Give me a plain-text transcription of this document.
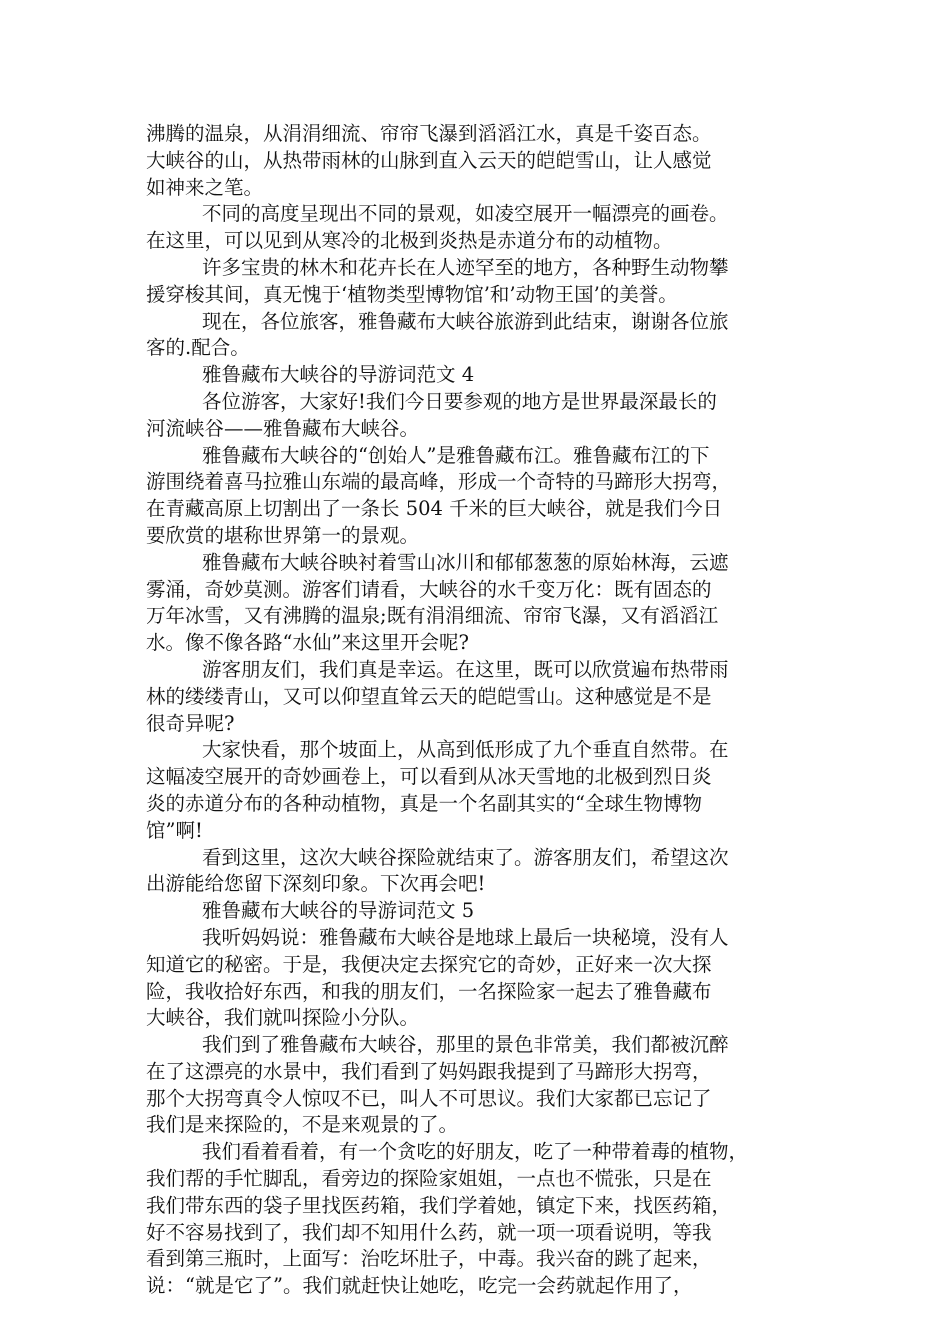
沸腾的温泉，从涓涓细流、帘帘飞瀑到滔滔江水，真是千姿百态。
大峡谷的山，从热带雨林的山脉到直入云天的皑皑雪山，让人感觉
如神来之笔。
不同的高度呈现出不同的景观，如凌空展开一幅漂亮的画卷。
在这里，可以见到从寒冷的北极到炎热是赤道分布的动植物。
许多宝贵的林木和花卉长在人迹罕至的地方，各种野生动物攀
援穿梭其间，真无愧于‘植物类型博物馆’和’动物王国’的美誉。
现在，各位旅客，雅鲁藏布大峡谷旅游到此结束，谢谢各位旅
客的.配合。
雅鲁藏布大峡谷的导游词范文 4
各位游客，大家好!我们今日要参观的地方是世界最深最长的
河流峡谷——雅鲁藏布大峡谷。
雅鲁藏布大峡谷的“创始人”是雅鲁藏布江。雅鲁藏布江的下
游围绕着喜马拉雅山东端的最高峰，形成一个奇特的马蹄形大拐弯，
在青藏高原上切割出了一条长 504 千米的巨大峡谷，就是我们今日
要欣赏的堪称世界第一的景观。
雅鲁藏布大峡谷映衬着雪山冰川和郁郁葱葱的原始林海，云遮
雾涌，奇妙莫测。游客们请看，大峡谷的水千变万化：既有固态的
万年冰雪，又有沸腾的温泉;既有涓涓细流、帘帘飞瀑，又有滔滔江
水。像不像各路“水仙”来这里开会呢?
游客朋友们，我们真是幸运。在这里，既可以欣赏遍布热带雨
林的缕缕青山，又可以仰望直耸云天的皑皑雪山。这种感觉是不是
很奇异呢?
大家快看，那个坡面上，从高到低形成了九个垂直自然带。在
这幅凌空展开的奇妙画卷上，可以看到从冰天雪地的北极到烈日炎
炎的赤道分布的各种动植物，真是一个名副其实的“全球生物博物
馆”啊!
看到这里，这次大峡谷探险就结束了。游客朋友们，希望这次
出游能给您留下深刻印象。下次再会吧!
雅鲁藏布大峡谷的导游词范文 5
我听妈妈说：雅鲁藏布大峡谷是地球上最后一块秘境，没有人
知道它的秘密。于是，我便决定去探究它的奇妙，正好来一次大探
险，我收拾好东西，和我的朋友们，一名探险家一起去了雅鲁藏布
大峡谷，我们就叫探险小分队。
我们到了雅鲁藏布大峡谷，那里的景色非常美，我们都被沉醉
在了这漂亮的水景中，我们看到了妈妈跟我提到了马蹄形大拐弯，
那个大拐弯真令人惊叹不已，叫人不可思议。我们大家都已忘记了
我们是来探险的，不是来观景的了。
我们看着看着，有一个贪吃的好朋友，吃了一种带着毒的植物，
我们帮的手忙脚乱，看旁边的探险家姐姐，一点也不慌张，只是在
我们带东西的袋子里找医药箱，我们学着她，镇定下来，找医药箱，
好不容易找到了，我们却不知用什么药，就一项一项看说明，等我
看到第三瓶时，上面写：治吃坏肚子，中毒。我兴奋的跳了起来，
说：“就是它了”。我们就赶快让她吃，吃完一会药就起作用了，
